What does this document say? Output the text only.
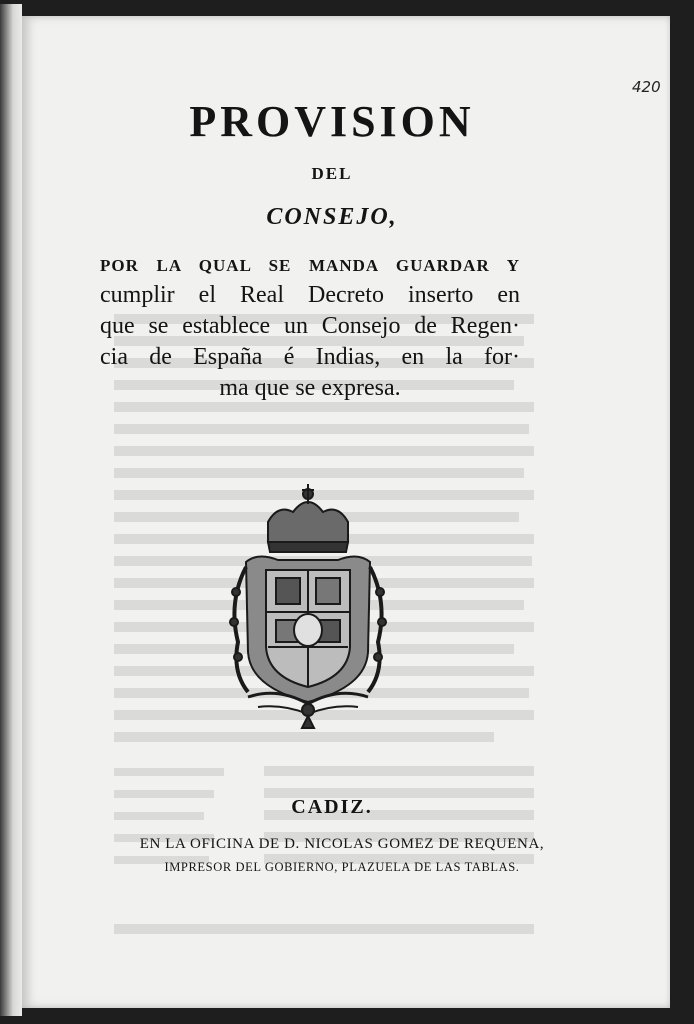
420
PROVISION
DEL
CONSEJO,
POR LA QUAL SE MANDA GUARDAR Y
cumplir el Real Decreto inserto en
que se establece un Consejo de Regen·
cia de España é Indias, en la for·
ma que se expresa.
CADIZ.
EN LA OFICINA DE D. NICOLAS GOMEZ DE REQUENA,
IMPRESOR DEL GOBIERNO, PLAZUELA DE LAS TABLAS.
